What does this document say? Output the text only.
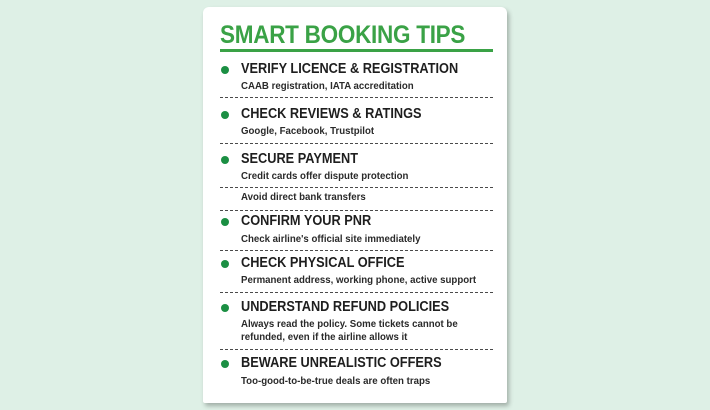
SMART BOOKING TIPS
VERIFY LICENCE & REGISTRATION
CAAB registration, IATA accreditation
CHECK REVIEWS & RATINGS
Google, Facebook, Trustpilot
SECURE PAYMENT
Credit cards offer dispute protection
Avoid direct bank transfers
CONFIRM YOUR PNR
Check airline's official site immediately
CHECK PHYSICAL OFFICE
Permanent address, working phone, active support
UNDERSTAND REFUND POLICIES
Always read the policy. Some tickets cannot be
refunded, even if the airline allows it
BEWARE UNREALISTIC OFFERS
Too-good-to-be-true deals are often traps
